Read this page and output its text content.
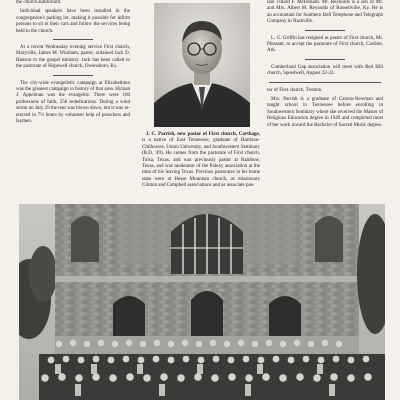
the church auditorium.

Individual speakers have been installed in the congregation's parking lot, making it possible for infirm persons to sit in their cars and follow the services being held in the church.

At a recent Wednesday evening service First church, Maryville, James M. Winiham, pastor, ordained Jack D. Hanson to the gospel ministry. Jack has been called to the pastorate of Hopewell church, Owensboro, Ky.

The city-wide evangelistic campaign at Elizabethton was the greatest campaign in history of that area. Hyman J. Appelman was the evangelist. There were 100 professions of faith, 258 rededications. During a wind storm on July 29 the tent was blown down, but it was re-erected in 7½ hours by volunteer help of preachers and laymen.

J. C. Parrish, new pastor of First church, Carthage, is a native of East Tennessee, graduate of Harrison-Chilhowee, Union University, and Southwestern Seminary (B.D. '49). He comes from the pastorate of First church, Tulsa, Texas, and was previously pastor at Rainbow, Texas, and was moderator of the Paluxy association at the time of his leaving Texas. Previous pastorates in his home state were at Hesse Mountain church, as missionary Clinton and Campbell associations and as associate pas-

lain Tillard F. McDonald. Mr. Reynolds is a son of Mr. and Mrs. Albert M. Reynolds of Russellville, Ky. He is an accountant for Southern Bell Telephone and Telegraph Company in Nashville.

L. G. Griffin has resigned as pastor of First church, Mt. Pleasant, to accept the pastorate of First church, Carlisle, Ark.

Cumberland Gap association will meet with Red Hill church, Speedwell, August 22-23.

tor of First church, Trenton.

Mrs. Parrish is a graduate of Carson-Newman and taught school in Tennessee before enrolling in Southwestern Seminary where she received the Master of Religious Education degree in 1949 and completed most of her work toward the Bachelor of Sacred Music degree.
